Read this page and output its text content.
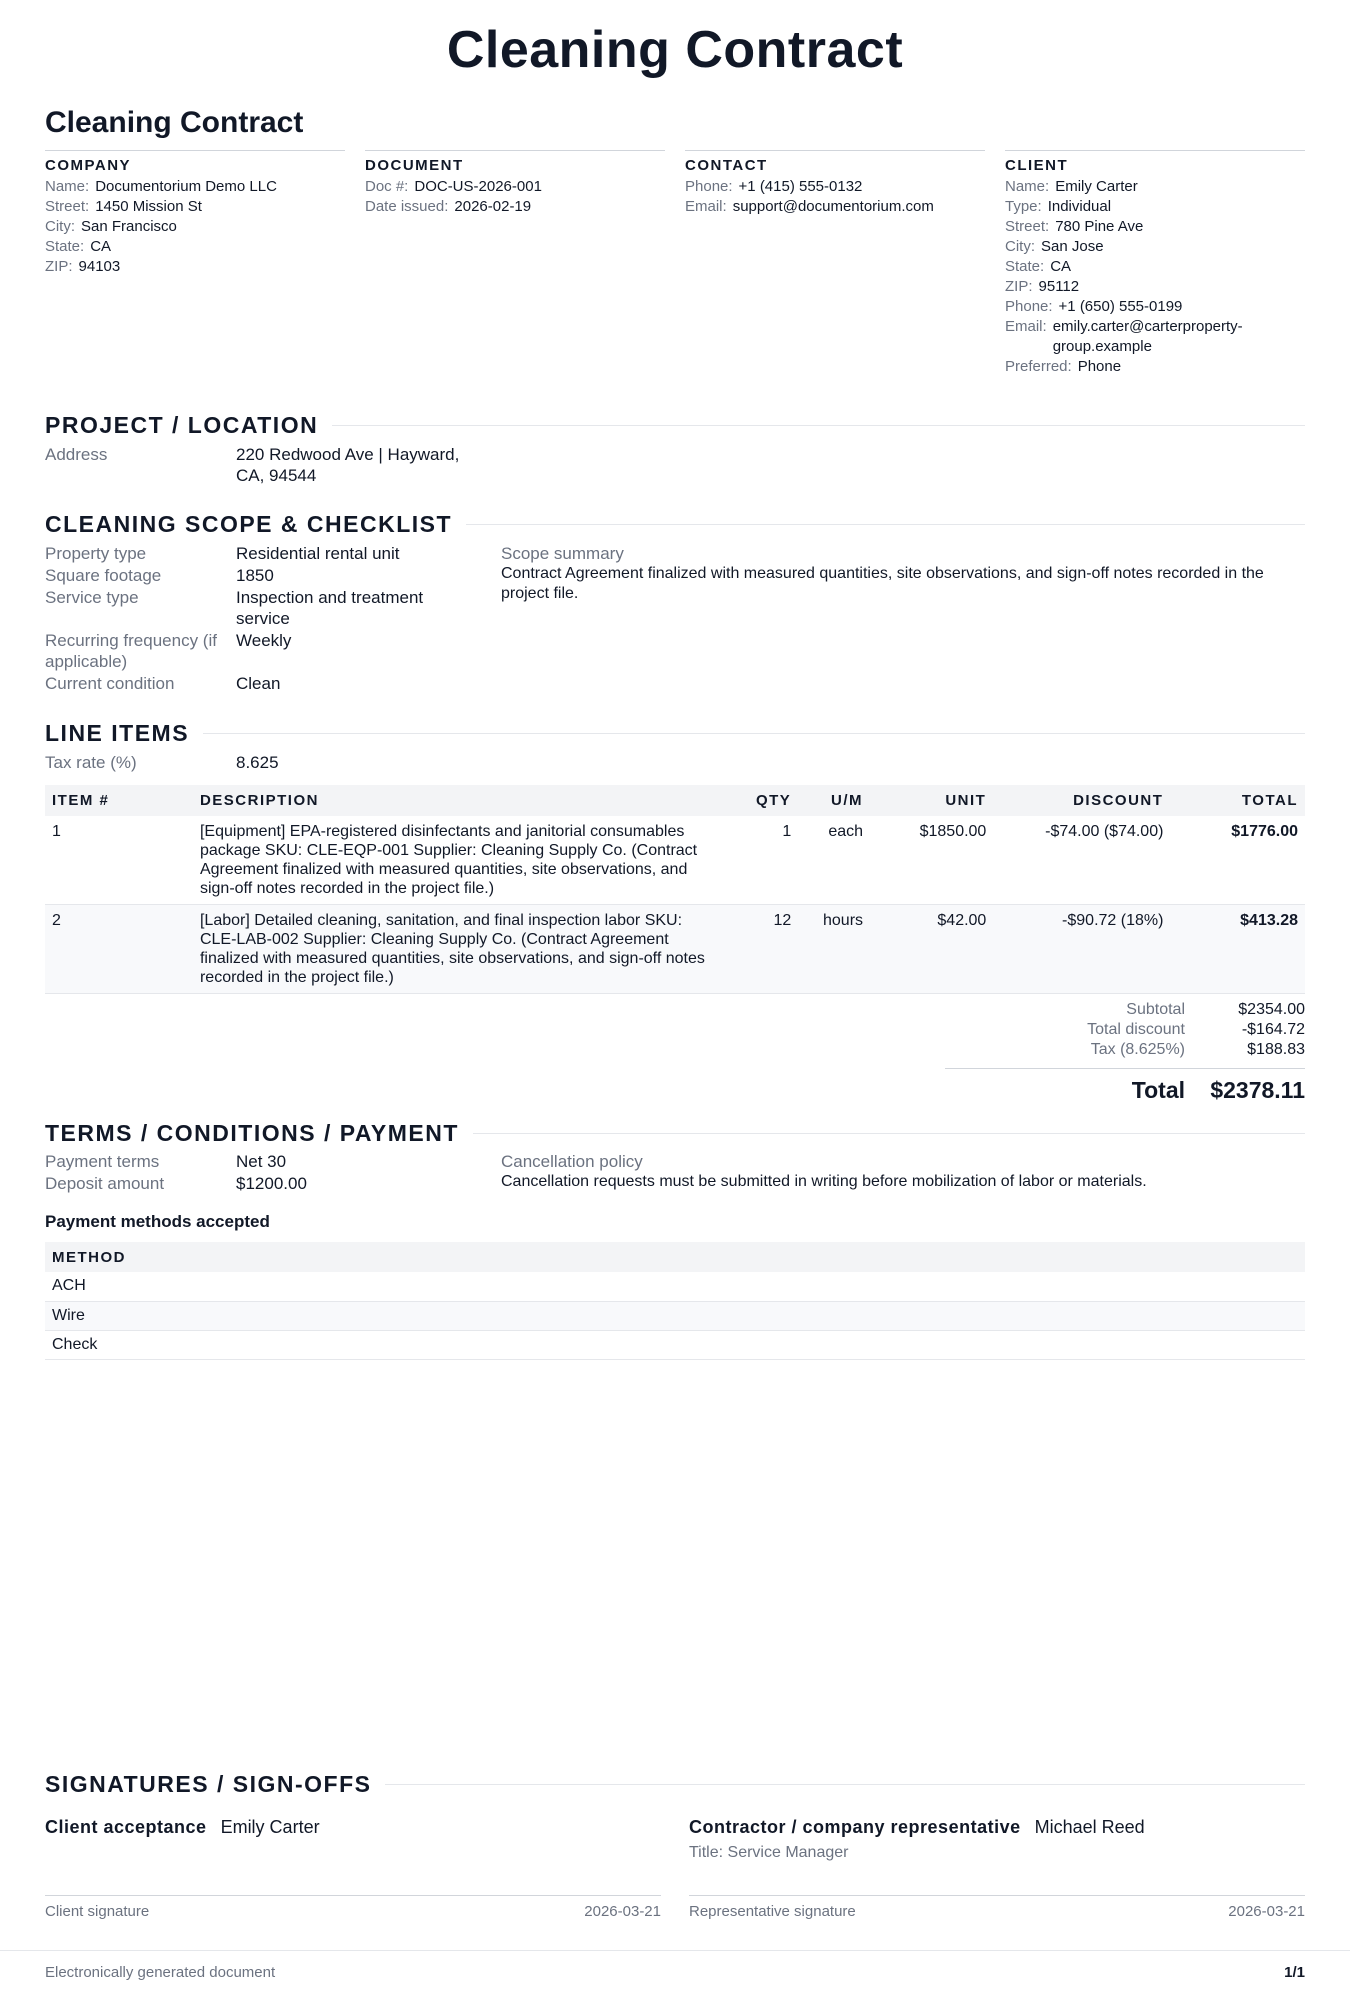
Cleaning Contract
Cleaning Contract
COMPANY
Name: Documentorium Demo LLC
Street: 1450 Mission St
City: San Francisco
State: CA
ZIP: 94103
DOCUMENT
Doc #: DOC-US-2026-001
Date issued: 2026-02-19
CONTACT
Phone: +1 (415) 555-0132
Email: support@documentorium.com
CLIENT
Name: Emily Carter
Type: Individual
Street: 780 Pine Ave
City: San Jose
State: CA
ZIP: 95112
Phone: +1 (650) 555-0199
Email: emily.carter@carterproperty-group.example
Preferred: Phone
PROJECT / LOCATION
Address	220 Redwood Ave | Hayward, CA, 94544
CLEANING SCOPE & CHECKLIST
Property type	Residential rental unit
Square footage	1850
Service type	Inspection and treatment service
Recurring frequency (if applicable)
Weekly
Current condition	Clean
Scope summary
Contract Agreement finalized with measured quantities, site observations, and sign-off notes recorded in the project file.
LINE ITEMS
Tax rate (%)	8.625
ITEM #	DESCRIPTION	QTY	U/M	UNIT	DISCOUNT	TOTAL
1	[Equipment] EPA-registered disinfectants and janitorial consumables package SKU: CLE-EQP-001 Supplier: Cleaning Supply Co. (Contract Agreement finalized with measured quantities, site observations, and sign-off notes recorded in the project file.)	1	each	$1850.00	-$74.00 ($74.00)	$1776.00
2	[Labor] Detailed cleaning, sanitation, and final inspection labor SKU: CLE-LAB-002 Supplier: Cleaning Supply Co. (Contract Agreement finalized with measured quantities, site observations, and sign-off notes recorded in the project file.)	12	hours	$42.00	-$90.72 (18%)	$413.28
Subtotal	$2354.00
Total discount	-$164.72
Tax (8.625%)	$188.83
Total	$2378.11
TERMS / CONDITIONS / PAYMENT
Payment terms	Net 30
Deposit amount	$1200.00
Cancellation policy
Cancellation requests must be submitted in writing before mobilization of labor or materials.
Payment methods accepted
METHOD
ACH
Wire
Check
SIGNATURES / SIGN-OFFS
Client acceptance Emily Carter
Client signature	2026-03-21
Contractor / company representative Michael Reed
Title: Service Manager
Representative signature	2026-03-21
Electronically generated document	1/1
